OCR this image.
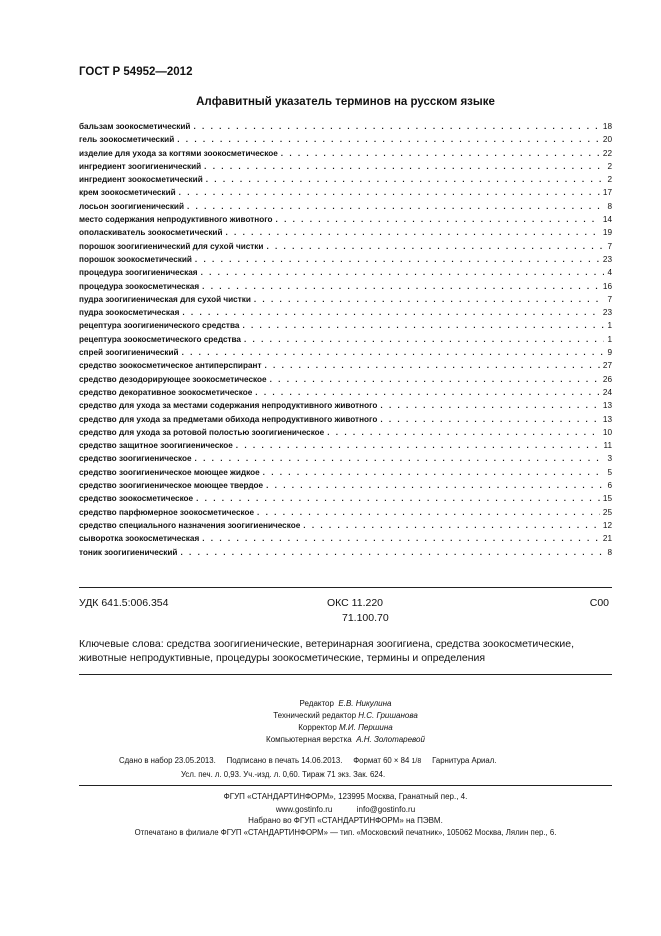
ГОСТ Р 54952—2012
Алфавитный указатель терминов на русском языке
бальзам зоокосметический . . .	18
гель зоокосметический . . .	20
изделие для ухода за когтями зоокосметическое . . .	22
ингредиент зоогигиенический . . .	2
ингредиент зоокосметический . . .	2
крем зоокосметический . . .	17
лосьон зоогигиенический . . .	8
место содержания непродуктивного животного . . .	14
ополаскиватель зоокосметический . . .	19
порошок зоогигиенический для сухой чистки . . .	7
порошок зоокосметический . . .	23
процедура зоогигиеническая . . .	4
процедура зоокосметическая . . .	16
пудра зоогигиеническая для сухой чистки . . .	7
пудра зоокосметическая . . .	23
рецептура зоогигиенического средства . . .	1
рецептура зоокосметического средства . . .	1
спрей зоогигиенический . . .	9
средство зоокосметическое антиперспирант . . .	27
средство дезодорирующее зоокосметическое . . .	26
средство декоративное зоокосметическое . . .	24
средство для ухода за местами содержания непродуктивного животного . . .	13
средство для ухода за предметами обихода непродуктивного животного . . .	13
средство для ухода за ротовой полостью зоогигиеническое . . .	10
средство защитное зоогигиеническое . . .	11
средство зоогигиеническое . . .	3
средство зоогигиеническое моющее жидкое . . .	5
средство зоогигиеническое моющее твердое . . .	6
средство зоокосметическое . . .	15
средство парфюмерное зоокосметическое . . .	25
средство специального назначения зоогигиеническое . . .	12
сыворотка зоокосметическая . . .	21
тоник зоогигиенический . . .	8
УДК 641.5:006.354	ОКС 11.220
71.100.70
C00
Ключевые слова: средства зоогигиенические, ветеринарная зоогигиена, средства зоокосметические, животные непродуктивные, процедуры зоокосметические, термины и определения
Редактор Е.В. Никулина
Технический редактор Н.С. Гришанова
Корректор М.И. Першина
Компьютерная верстка А.Н. Золотаревой
Сдано в набор 23.05.2013. Подписано в печать 14.06.2013. Формат 60 × 84 1/8 Гарнитура Ариал.
Усл. печ. л. 0,93. Уч.-изд. л. 0,60. Тираж 71 экз. Зак. 624.
ФГУП «СТАНДАРТИНФОРМ», 123995 Москва, Гранатный пер., 4.
www.gostinfo.ru	info@gostinfo.ru
Набрано во ФГУП «СТАНДАРТИНФОРМ» на ПЭВМ.
Отпечатано в филиале ФГУП «СТАНДАРТИНФОРМ» — тип. «Московский печатник», 105062 Москва, Лялин пер., 6.
